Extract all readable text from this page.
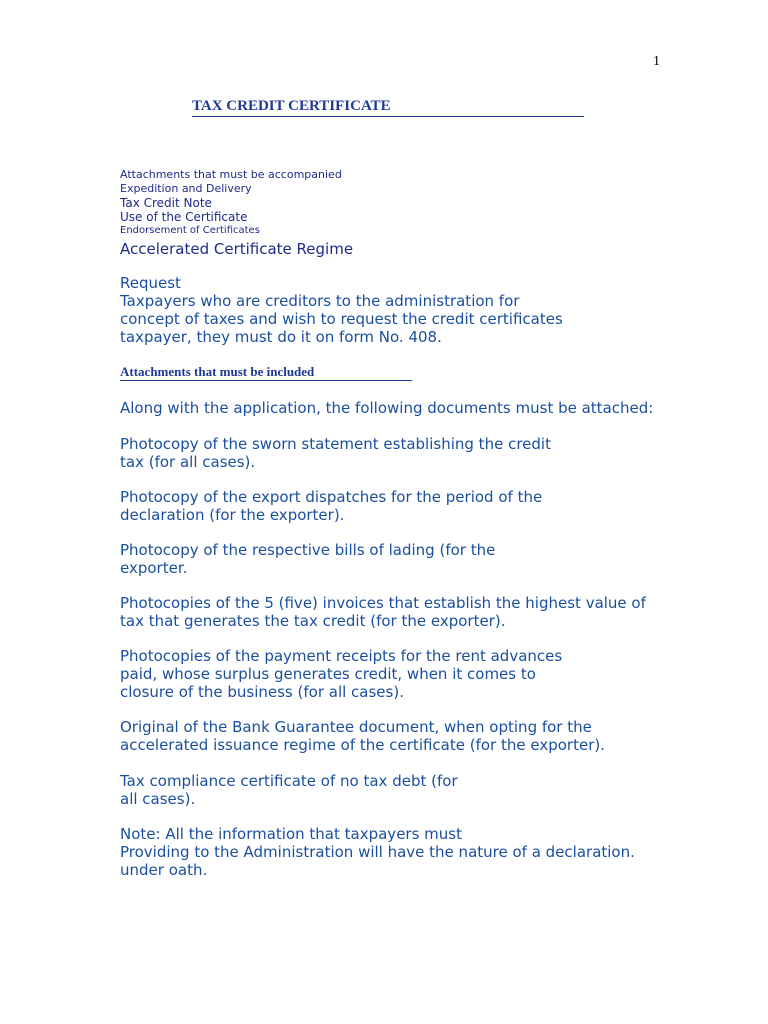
1
TAX CREDIT CERTIFICATE
Attachments that must be accompanied
Expedition and Delivery
Tax Credit Note
Use of the Certificate
Endorsement of Certificates
Accelerated Certificate Regime

Request

Taxpayers who are creditors to the administration for
concept of taxes and wish to request the credit certificates
taxpayer, they must do it on form No. 408.

Attachments that must be included

Along with the application, the following documents must be attached:

Photocopy of the sworn statement establishing the credit
tax (for all cases).

Photocopy of the export dispatches for the period of the
declaration (for the exporter).

Photocopy of the respective bills of lading (for the
exporter.

Photocopies of the 5 (five) invoices that establish the highest value of
tax that generates the tax credit (for the exporter).

Photocopies of the payment receipts for the rent advances
paid, whose surplus generates credit, when it comes to
closure of the business (for all cases).

Original of the Bank Guarantee document, when opting for the
accelerated issuance regime of the certificate (for the exporter).

Tax compliance certificate of no tax debt (for
all cases).

Note: All the information that taxpayers must
Providing to the Administration will have the nature of a declaration.
under oath.
